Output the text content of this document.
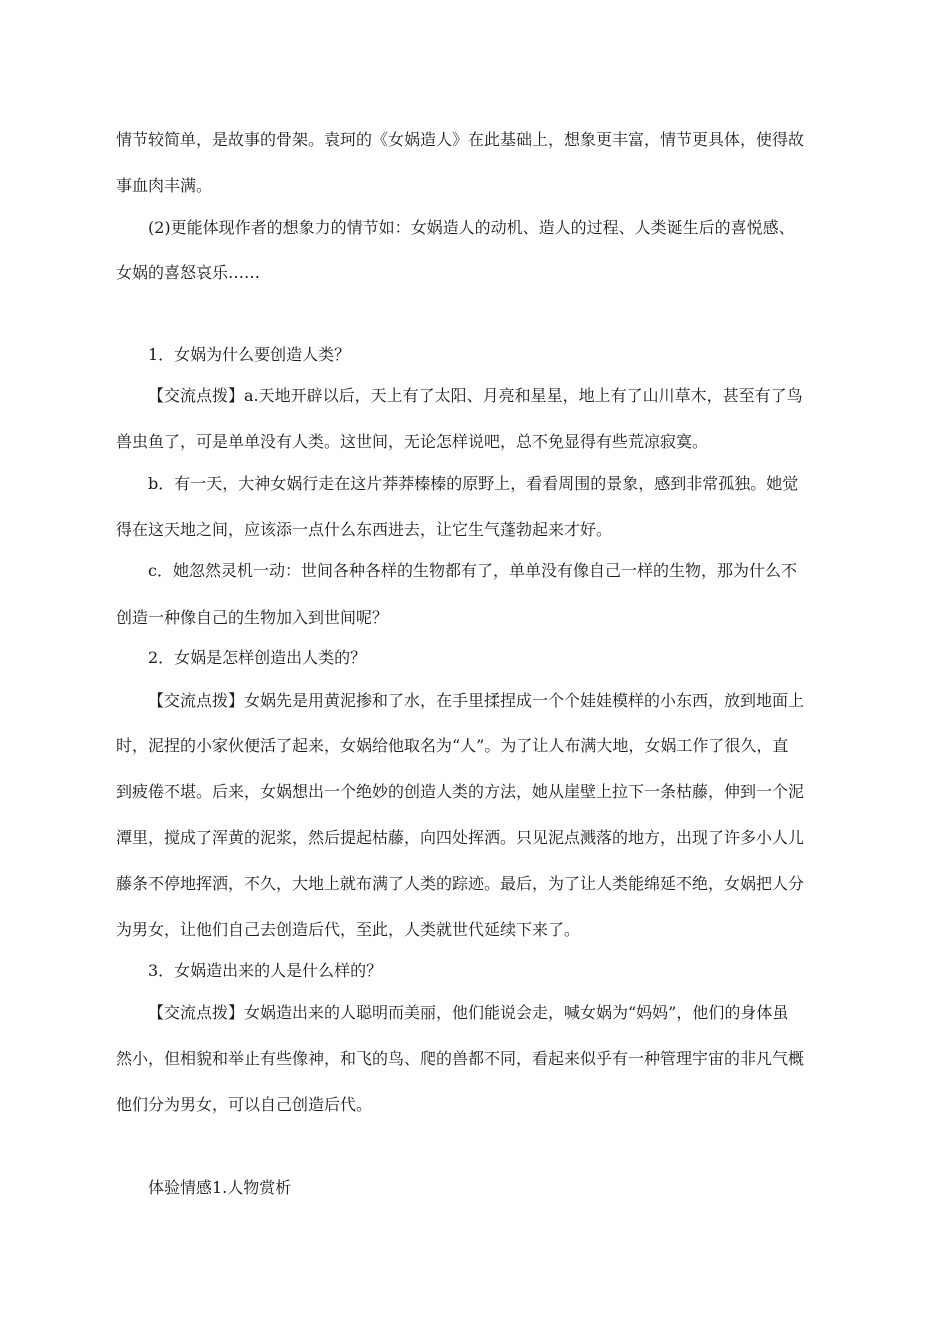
情节较简单，是故事的骨架。袁珂的《女娲造人》在此基础上，想象更丰富，情节更具体，使得故
事血肉丰满。
(2)更能体现作者的想象力的情节如：女娲造人的动机、造人的过程、人类诞生后的喜悦感、
女娲的喜怒哀乐……
1．女娲为什么要创造人类？
【交流点拨】a.天地开辟以后，天上有了太阳、月亮和星星，地上有了山川草木，甚至有了鸟
兽虫鱼了，可是单单没有人类。这世间，无论怎样说吧，总不免显得有些荒凉寂寞。
b．有一天，大神女娲行走在这片莽莽榛榛的原野上，看看周围的景象，感到非常孤独。她觉
得在这天地之间，应该添一点什么东西进去，让它生气蓬勃起来才好。
c．她忽然灵机一动：世间各种各样的生物都有了，单单没有像自己一样的生物，那为什么不
创造一种像自己的生物加入到世间呢？
2．女娲是怎样创造出人类的？
【交流点拨】女娲先是用黄泥掺和了水，在手里揉捏成一个个娃娃模样的小东西，放到地面上
时，泥捏的小家伙便活了起来，女娲给他取名为“人”。为了让人布满大地，女娲工作了很久，直
到疲倦不堪。后来，女娲想出一个绝妙的创造人类的方法，她从崖壁上拉下一条枯藤，伸到一个泥
潭里，搅成了浑黄的泥浆，然后提起枯藤，向四处挥洒。只见泥点溅落的地方，出现了许多小人儿
藤条不停地挥洒，不久，大地上就布满了人类的踪迹。最后，为了让人类能绵延不绝，女娲把人分
为男女，让他们自己去创造后代，至此，人类就世代延续下来了。
3．女娲造出来的人是什么样的？
【交流点拨】女娲造出来的人聪明而美丽，他们能说会走，喊女娲为“妈妈”，他们的身体虽
然小，但相貌和举止有些像神，和飞的鸟、爬的兽都不同，看起来似乎有一种管理宇宙的非凡气概
他们分为男女，可以自己创造后代。
体验情感1.人物赏析
